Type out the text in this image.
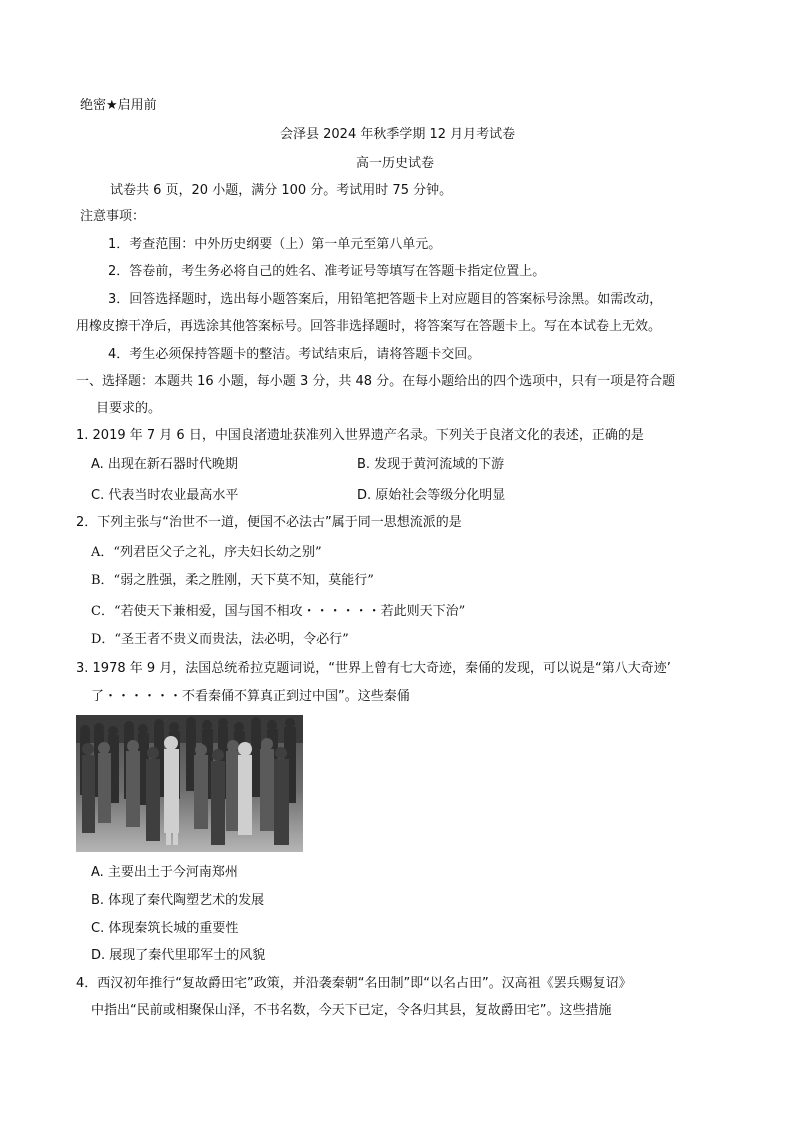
绝密★启用前
会泽县 2024 年秋季学期 12 月月考试卷
高一历史试卷
试卷共 6 页，20 小题，满分 100 分。考试用时 75 分钟。
注意事项：
1．考查范围：中外历史纲要（上）第一单元至第八单元。
2．答卷前，考生务必将自己的姓名、准考证号等填写在答题卡指定位置上。
3．回答选择题时，选出每小题答案后，用铅笔把答题卡上对应题目的答案标号涂黑。如需改动，
用橡皮擦干净后，再选涂其他答案标号。回答非选择题时，将答案写在答题卡上。写在本试卷上无效。
4．考生必须保持答题卡的整洁。考试结束后，请将答题卡交回。
一、选择题：本题共 16 小题，每小题 3 分，共 48 分。在每小题给出的四个选项中，只有一项是符合题
目要求的。
1. 2019 年 7 月 6 日，中国良渚遗址获准列入世界遗产名录。下列关于良渚文化的表述，正确的是
A. 出现在新石器时代晚期	B. 发现于黄河流域的下游
C. 代表当时农业最高水平	D. 原始社会等级分化明显
2．下列主张与“治世不一道，便国不必法古”属于同一思想流派的是
A．“列君臣父子之礼，序夫妇长幼之别”
B．“弱之胜强，柔之胜刚，天下莫不知，莫能行”
C．“若使天下兼相爱，国与国不相攻・・・・・・若此则天下治”
D．“圣王者不贵义而贵法，法必明，令必行”
3. 1978 年 9 月，法国总统希拉克题词说，“世界上曾有七大奇迹，秦俑的发现，可以说是“第八大奇迹’
了・・・・・・不看秦俑不算真正到过中国”。这些秦俑
A. 主要出土于今河南郑州
B. 体现了秦代陶塑艺术的发展
C. 体现秦筑长城的重要性
D. 展现了秦代里耶军士的风貌
4．西汉初年推行“复故爵田宅”政策，并沿袭秦朝“名田制”即“以名占田”。汉高祖《罢兵赐复诏》
中指出“民前或相聚保山泽，不书名数，今天下已定，令各归其县，复故爵田宅”。这些措施
